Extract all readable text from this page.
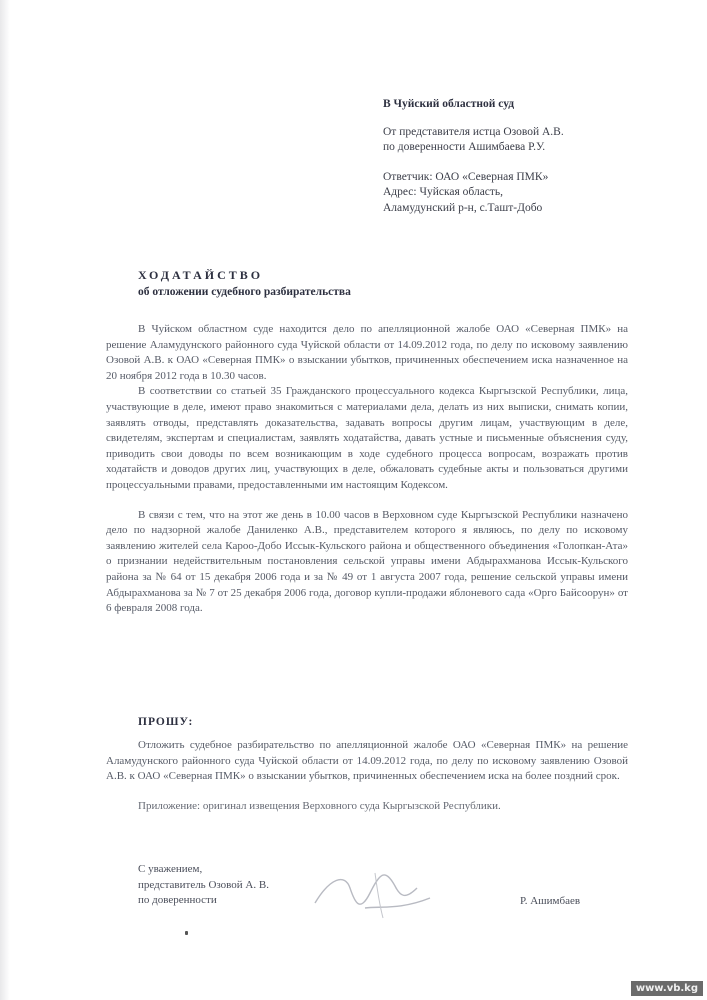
В Чуйский областной суд
От представителя истца Озовой А.В.
по доверенности Ашимбаева Р.У.
Ответчик: ОАО «Северная ПМК»
Адрес: Чуйская область,
Аламудунский р-н, с.Ташт-Добо
ХОДАТАЙСТВО
об отложении судебного разбирательства

В Чуйском областном суде находится дело по апелляционной жалобе ОАО «Северная ПМК» на решение Аламудунского районного суда Чуйской области от 14.09.2012 года, по делу по исковому заявлению Озовой А.В. к ОАО «Северная ПМК» о взыскании убытков, причиненных обеспечением иска назначенное на 20 ноября 2012 года в 10.30 часов.

В соответствии со статьей 35 Гражданского процессуального кодекса Кыргызской Республики, лица, участвующие в деле, имеют право знакомиться с материалами дела, делать из них выписки, снимать копии, заявлять отводы, представлять доказательства, задавать вопросы другим лицам, участвующим в деле, свидетелям, экспертам и специалистам, заявлять ходатайства, давать устные и письменные объяснения суду, приводить свои доводы по всем возникающим в ходе судебного процесса вопросам, возражать против ходатайств и доводов других лиц, участвующих в деле, обжаловать судебные акты и пользоваться другими процессуальными правами, предоставленными им настоящим Кодексом.

В связи с тем, что на этот же день в 10.00 часов в Верховном суде Кыргызской Республики назначено дело по надзорной жалобе Даниленко А.В., представителем которого я являюсь, по делу по исковому заявлению жителей села Кароо-Добо Иссык-Кульского района и общественного объединения «Голопкан-Ата» о признании недействительным постановления сельской управы имени Абдырахманова Иссык-Кульского района за № 64 от 15 декабря 2006 года и за № 49 от 1 августа 2007 года, решение сельской управы имени Абдырахманова за № 7 от 25 декабря 2006 года, договор купли-продажи яблоневого сада «Орго Байсоорун» от 6 февраля 2008 года.

ПРОШУ:

Отложить судебное разбирательство по апелляционной жалобе ОАО «Северная ПМК» на решение Аламудунского районного суда Чуйской области от 14.09.2012 года, по делу по исковому заявлению Озовой А.В. к ОАО «Северная ПМК» о взыскании убытков, причиненных обеспечением иска на более поздний срок.

Приложение: оригинал извещения Верховного суда Кыргызской Республики.
С уважением,
представитель Озовой А. В.
по доверенности	Р. Ашимбаев
www.vb.kg
